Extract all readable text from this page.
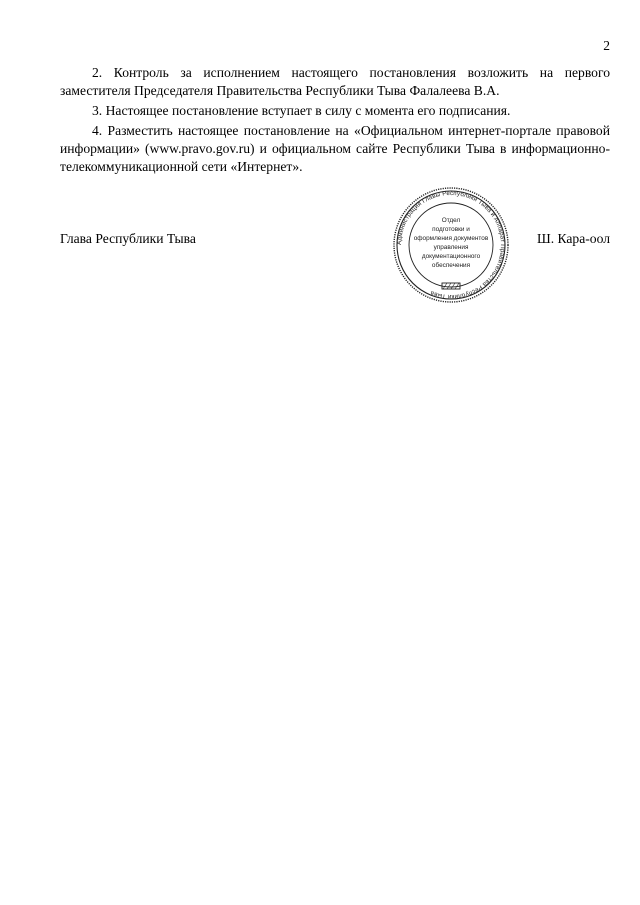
2

2. Контроль за исполнением настоящего постановления возложить на первого заместителя Председателя Правительства Республики Тыва Фалалеева В.А.

3. Настоящее постановление вступает в силу с момента его подписания.

4. Разместить настоящее постановление на «Официальном интернет-портале правовой информации» (www.pravo.gov.ru) и официальном сайте Республики Тыва в информационно-телекоммуникационной сети «Интернет».

Глава Республики Тыва	Ш. Кара-оол
Администрация Главы Республики Тыва и Аппарат Правительства Республики Тыва
Отдел
подготовки и
оформления документов
управления
документационного
обеспечения
